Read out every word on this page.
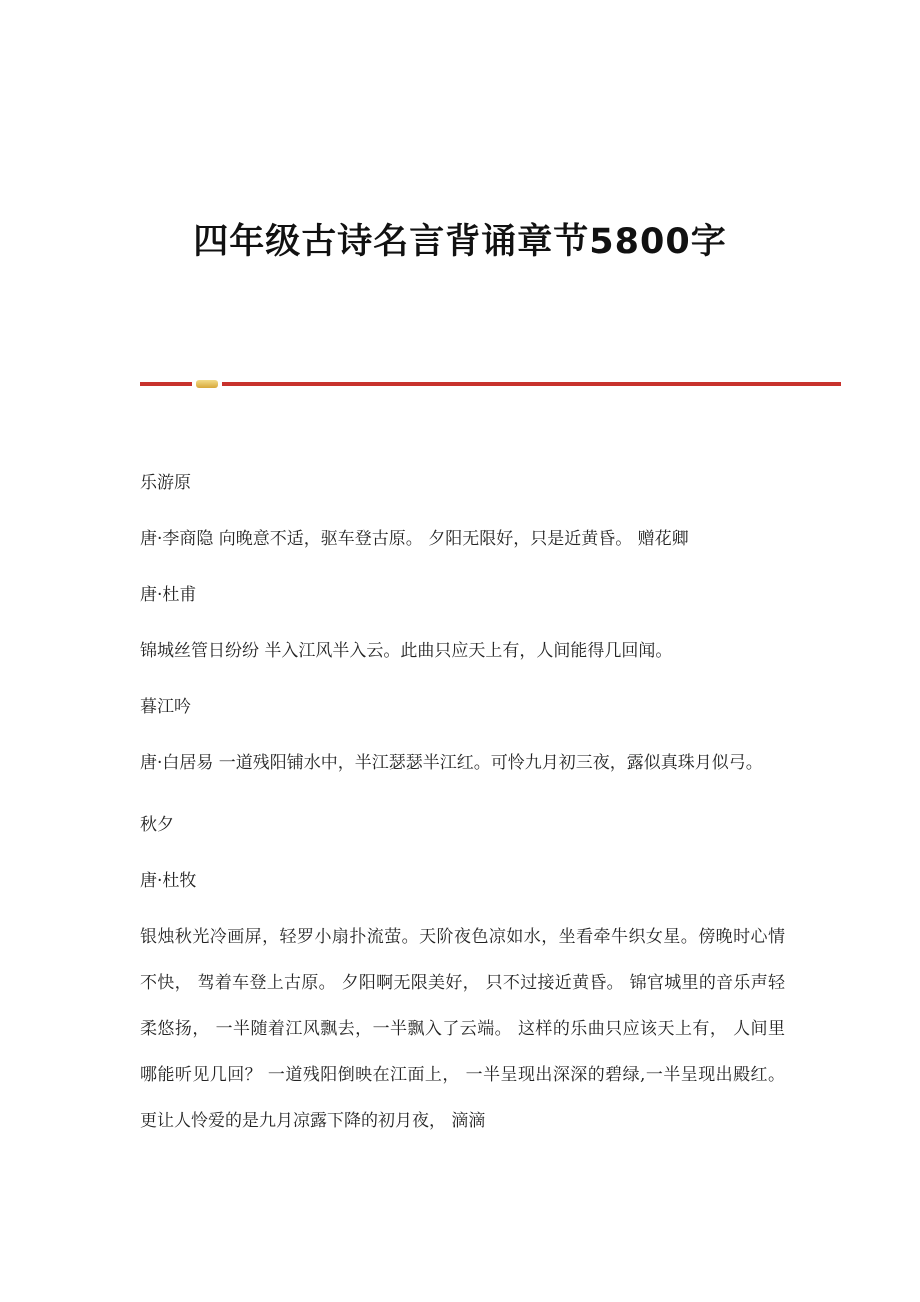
四年级古诗名言背诵章节5800字

乐游原

唐·李商隐 向晚意不适，驱车登古原。 夕阳无限好，只是近黄昏。 赠花卿

唐·杜甫

锦城丝管日纷纷 半入江风半入云。此曲只应天上有，人间能得几回闻。

暮江吟

唐·白居易 一道残阳铺水中，半江瑟瑟半江红。可怜九月初三夜，露似真珠月似弓。

秋夕

唐·杜牧

银烛秋光冷画屏，轻罗小扇扑流萤。天阶夜色凉如水，坐看牵牛织女星。傍晚时心情不快， 驾着车登上古原。 夕阳啊无限美好， 只不过接近黄昏。 锦官城里的音乐声轻柔悠扬， 一半随着江风飘去，一半飘入了云端。 这样的乐曲只应该天上有， 人间里哪能听见几回？ 一道残阳倒映在江面上， 一半呈现出深深的碧绿,一半呈现出殿红。 更让人怜爱的是九月凉露下降的初月夜， 滴滴
